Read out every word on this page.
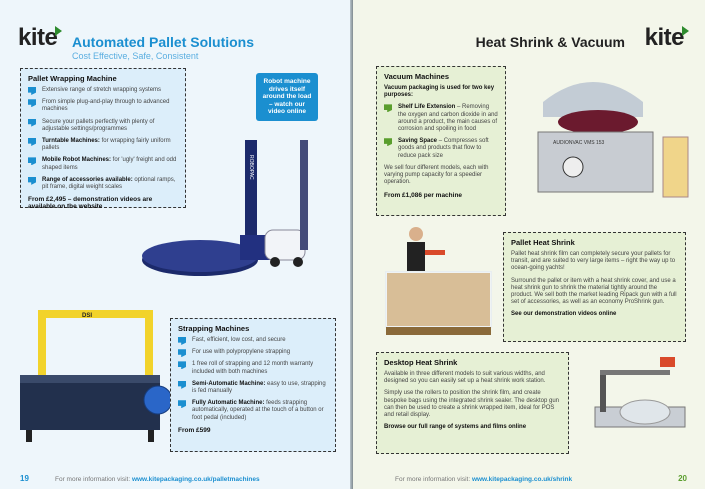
kite	Automated Pallet Solutions
Cost Effective, Safe, Consistent
Pallet Wrapping Machine
Extensive range of stretch wrapping systems
From simple plug-and-play through to advanced machines
Secure your pallets perfectly with plenty of adjustable settings/programmes
Turntable Machines: for wrapping fairly uniform pallets
Mobile Robot Machines: for 'ugly' freight and odd shaped items
Range of accessories available: optional ramps, pit frame, digital weight scales
From £2,495 – demonstration videos are available on the website
Robot machine drives itself around the load – watch our video online
ROBOPAC
DSI
Strapping Machines
Fast, efficient, low cost, and secure
For use with polypropylene strapping
1 free roll of strapping and 12 month warranty included with both machines
Semi-Automatic Machine: easy to use, strapping is fed manually
Fully Automatic Machine: feeds strapping automatically, operated at the touch of a button or foot pedal (included)
From £599
19	For more information visit: www.kitepackaging.co.uk/palletmachines
Heat Shrink & Vacuum kite
Vacuum Machines

Vacuum packaging is used for two key purposes:

Shelf Life Extension – Removing the oxygen and carbon dioxide in and around a product, the main causes of corrosion and spoiling in food
Saving Space – Compresses soft goods and products that flow to reduce pack size

We sell four different models, each with varying pump capacity for a speedier operation.

From £1,086 per machine
AUDIONVAC VMS 153
Pallet Heat Shrink

Pallet heat shrink film can completely secure your pallets for transit, and are suited to very large items – right the way up to ocean-going yachts!

Surround the pallet or item with a heat shrink cover, and use a heat shrink gun to shrink the material tightly around the product. We sell both the market leading Ripack gun with a full set of accessories, as well as an economy ProShrink gun.

See our demonstration videos online

Desktop Heat Shrink

Available in three different models to suit various widths, and designed so you can easily set up a heat shrink work station.

Simply use the rollers to position the shrink film, and create bespoke bags using the integrated shrink sealer. The desktop gun can then be used to create a shrink wrapped item, ideal for POS and retail display.

Browse our full range of systems and films online

For more information visit: www.kitepackaging.co.uk/shrink	20
